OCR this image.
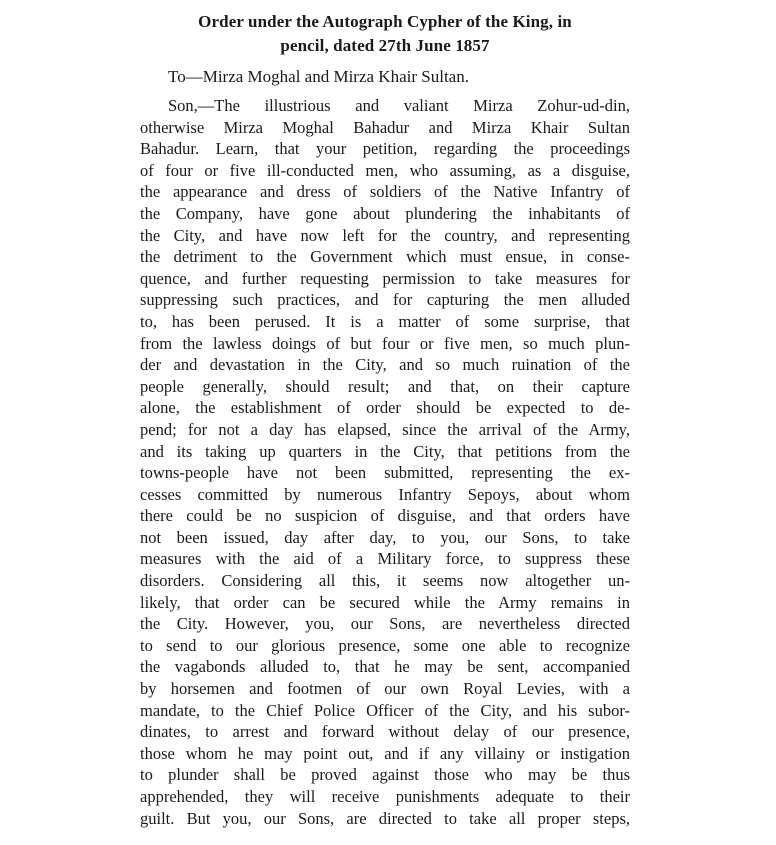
Order under the Autograph Cypher of the King, in
pencil, dated 27th June 1857
To—Mirza Moghal and Mirza Khair Sultan.
Son,—The illustrious and valiant Mirza Zohur-ud-din,
otherwise Mirza Moghal Bahadur and Mirza Khair Sultan
Bahadur. Learn, that your petition, regarding the proceedings
of four or five ill-conducted men, who assuming, as a disguise,
the appearance and dress of soldiers of the Native Infantry of
the Company, have gone about plundering the inhabitants of
the City, and have now left for the country, and representing
the detriment to the Government which must ensue, in conse-
quence, and further requesting permission to take measures for
suppressing such practices, and for capturing the men alluded
to, has been perused. It is a matter of some surprise, that
from the lawless doings of but four or five men, so much plun-
der and devastation in the City, and so much ruination of the
people generally, should result; and that, on their capture
alone, the establishment of order should be expected to de-
pend; for not a day has elapsed, since the arrival of the Army,
and its taking up quarters in the City, that petitions from the
towns-people have not been submitted, representing the ex-
cesses committed by numerous Infantry Sepoys, about whom
there could be no suspicion of disguise, and that orders have
not been issued, day after day, to you, our Sons, to take
measures with the aid of a Military force, to suppress these
disorders. Considering all this, it seems now altogether un-
likely, that order can be secured while the Army remains in
the City. However, you, our Sons, are nevertheless directed
to send to our glorious presence, some one able to recognize
the vagabonds alluded to, that he may be sent, accompanied
by horsemen and footmen of our own Royal Levies, with a
mandate, to the Chief Police Officer of the City, and his subor-
dinates, to arrest and forward without delay of our presence,
those whom he may point out, and if any villainy or instigation
to plunder shall be proved against those who may be thus
apprehended, they will receive punishments adequate to their
guilt. But you, our Sons, are directed to take all proper steps,
